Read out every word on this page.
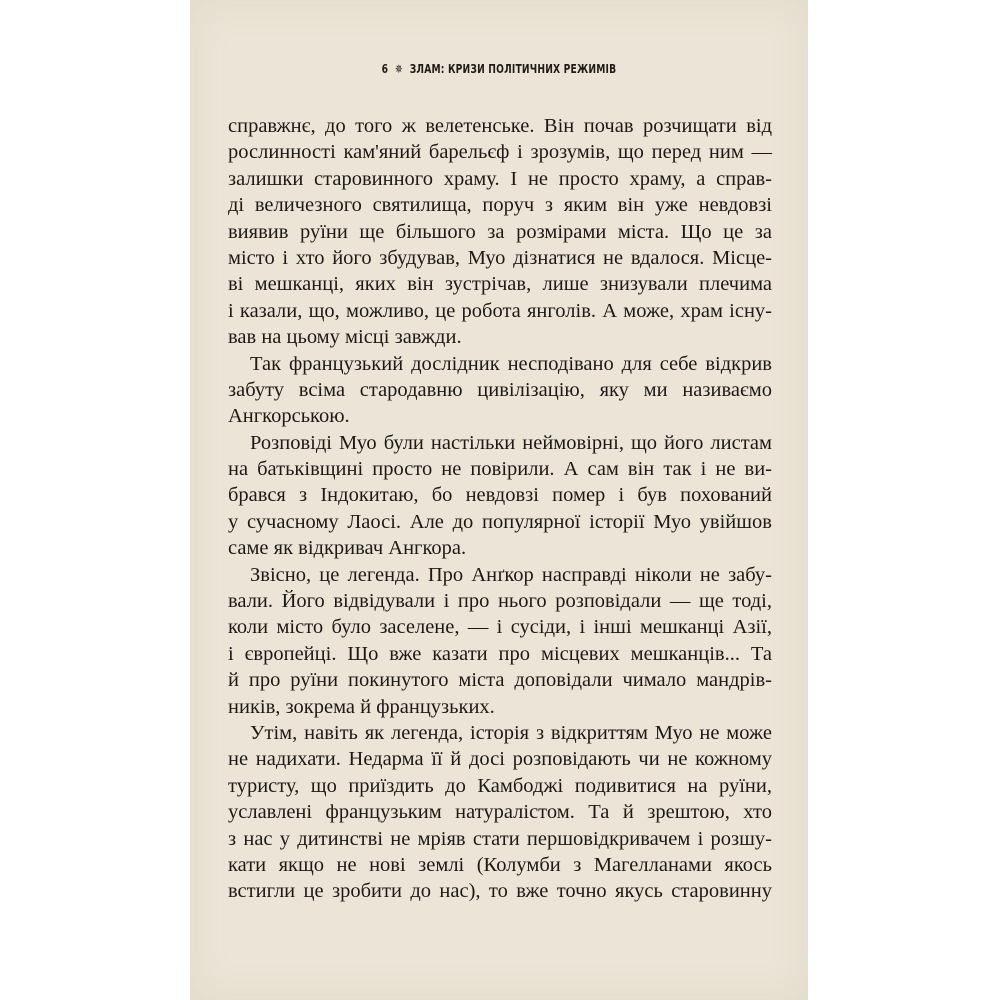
6 ✵ ЗЛАМ: КРИЗИ ПОЛІТИЧНИХ РЕЖИМІВ
справжнє, до того ж велетенське. Він почав розчищати від
рослинності кам'яний барельєф і зрозумів, що перед ним —
залишки старовинного храму. І не просто храму, а справ-
ді величезного святилища, поруч з яким він уже невдовзі
виявив руїни ще більшого за розмірами міста. Що це за
місто і хто його збудував, Муо дізнатися не вдалося. Місце-
ві мешканці, яких він зустрічав, лише знизували плечима
і казали, що, можливо, це робота янголів. А може, храм існу-
вав на цьому місці завжди.
Так французький дослідник несподівано для себе відкрив
забуту всіма стародавню цивілізацію, яку ми називаємо
Ангкорською.
Розповіді Муо були настільки неймовірні, що його листам
на батьківщині просто не повірили. А сам він так і не ви-
брався з Індокитаю, бо невдовзі помер і був похований
у сучасному Лаосі. Але до популярної історії Муо увійшов
саме як відкривач Ангкора.
Звісно, це легенда. Про Анґкор насправді ніколи не забу-
вали. Його відвідували і про нього розповідали — ще тоді,
коли місто було заселене, — і сусіди, і інші мешканці Азії,
і європейці. Що вже казати про місцевих мешканців... Та
й про руїни покинутого міста доповідали чимало мандрів-
ників, зокрема й французьких.
Утім, навіть як легенда, історія з відкриттям Муо не може
не надихати. Недарма її й досі розповідають чи не кожному
туристу, що приїздить до Камбоджі подивитися на руїни,
уславлені французьким натуралістом. Та й зрештою, хто
з нас у дитинстві не мріяв стати першовідкривачем і розшу-
кати якщо не нові землі (Колумби з Магелланами якось
встигли це зробити до нас), то вже точно якусь старовинну
